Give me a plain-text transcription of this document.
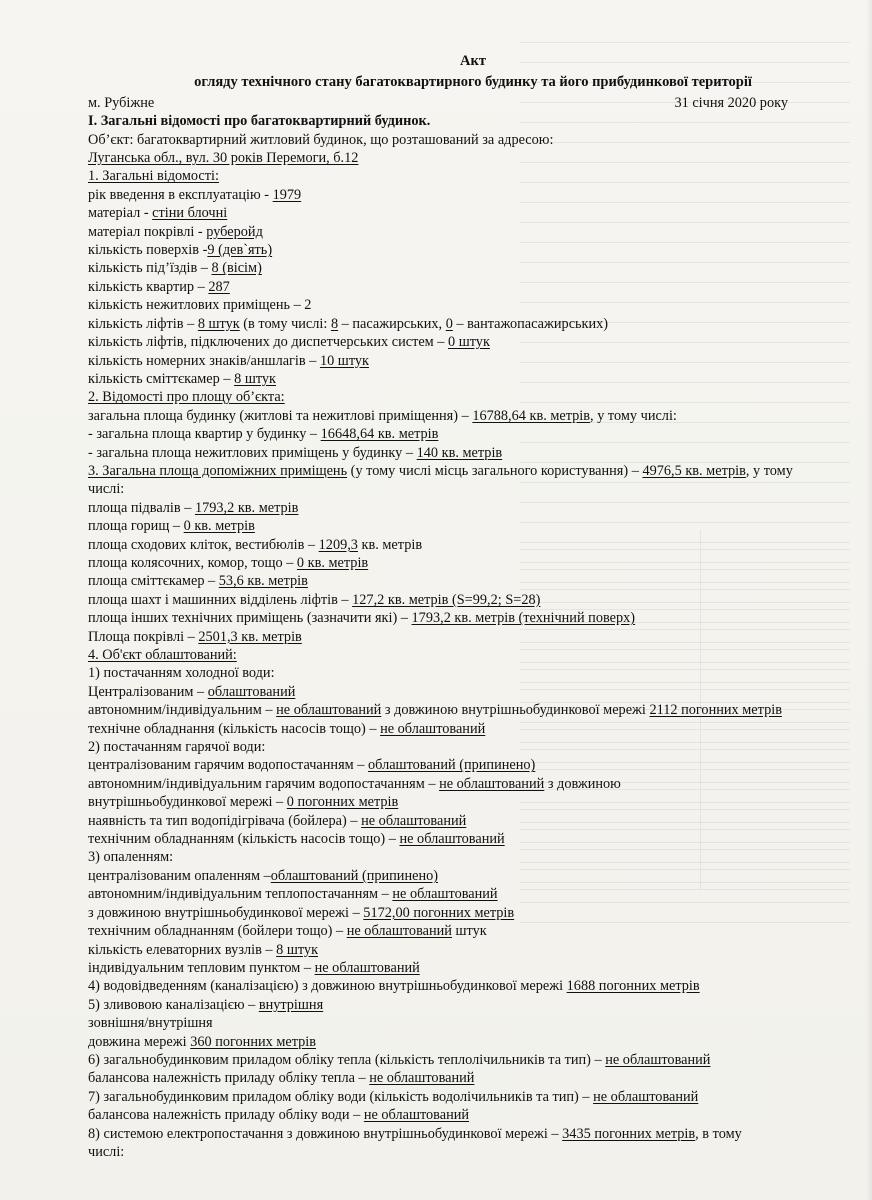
Акт
огляду технічного стану багатоквартирного будинку та його прибудинкової території
м. Рубіжне	31 січня 2020 року
І. Загальні відомості про багатоквартирний будинок.
Об’єкт: багатоквартирний житловий будинок, що розташований за адресою:
Луганська обл., вул. 30 років Перемоги, б.12
1. Загальні відомості:
рік введення в експлуатацію - 1979
матеріал - стіни блочні
матеріал покрівлі - руберойд
кількість поверхів -9 (дев`ять)
кількість під’їздів – 8 (вісім)
кількість квартир – 287
кількість нежитлових приміщень – 2
кількість ліфтів – 8 штук (в тому числі: 8 – пасажирських, 0 – вантажопасажирських)
кількість ліфтів, підключених до диспетчерських систем – 0 штук
кількість номерних знаків/аншлагів – 10 штук
кількість сміттєкамер – 8 штук
2. Відомості про площу об’єкта:
загальна площа будинку (житлові та нежитлові приміщення) – 16788,64 кв. метрів, у тому числі:
- загальна площа квартир у будинку – 16648,64 кв. метрів
- загальна площа нежитлових приміщень у будинку – 140 кв. метрів
3. Загальна площа допоміжних приміщень (у тому числі місць загального користування) – 4976,5 кв. метрів, у тому числі:
площа підвалів – 1793,2 кв. метрів
площа горищ – 0 кв. метрів
площа сходових кліток, вестибюлів – 1209,3 кв. метрів
площа колясочних, комор, тощо – 0 кв. метрів
площа сміттєкамер – 53,6 кв. метрів
площа шахт і машинних відділень ліфтів – 127,2 кв. метрів (S=99,2; S=28)
площа інших технічних приміщень (зазначити які) – 1793,2 кв. метрів (технічний поверх)
Площа покрівлі – 2501,3 кв. метрів
4. Об'єкт облаштований:
1) постачанням холодної води:
Централізованим – облаштований
автономним/індивідуальним – не облаштований з довжиною внутрішньобудинкової мережі 2112 погонних метрів
технічне обладнання (кількість насосів тощо) – не облаштований
2) постачанням гарячої води:
централізованим гарячим водопостачанням – облаштований (припинено)
автономним/індивідуальним гарячим водопостачанням – не облаштований з довжиною
внутрішньобудинкової мережі – 0 погонних метрів
наявність та тип водопідігрівача (бойлера) – не облаштований
технічним обладнанням (кількість насосів тощо) – не облаштований
3) опаленням:
централізованим опаленням –облаштований (припинено)
автономним/індивідуальним теплопостачанням – не облаштований
з довжиною внутрішньобудинкової мережі – 5172,00 погонних метрів
технічним обладнанням (бойлери тощо) – не облаштований штук
кількість елеваторних вузлів – 8 штук
індивідуальним тепловим пунктом – не облаштований
4) водовідведенням (каналізацією) з довжиною внутрішньобудинкової мережі 1688 погонних метрів
5) зливовою каналізацією – внутрішня
зовнішня/внутрішня
довжина мережі 360 погонних метрів
6) загальнобудинковим приладом обліку тепла (кількість теплолічильників та тип) – не облаштований
балансова належність приладу обліку тепла – не облаштований
7) загальнобудинковим приладом обліку води (кількість водолічильників та тип) – не облаштований
балансова належність приладу обліку води – не облаштований
8) системою електропостачання з довжиною внутрішньобудинкової мережі – 3435 погонних метрів, в тому
числі:
